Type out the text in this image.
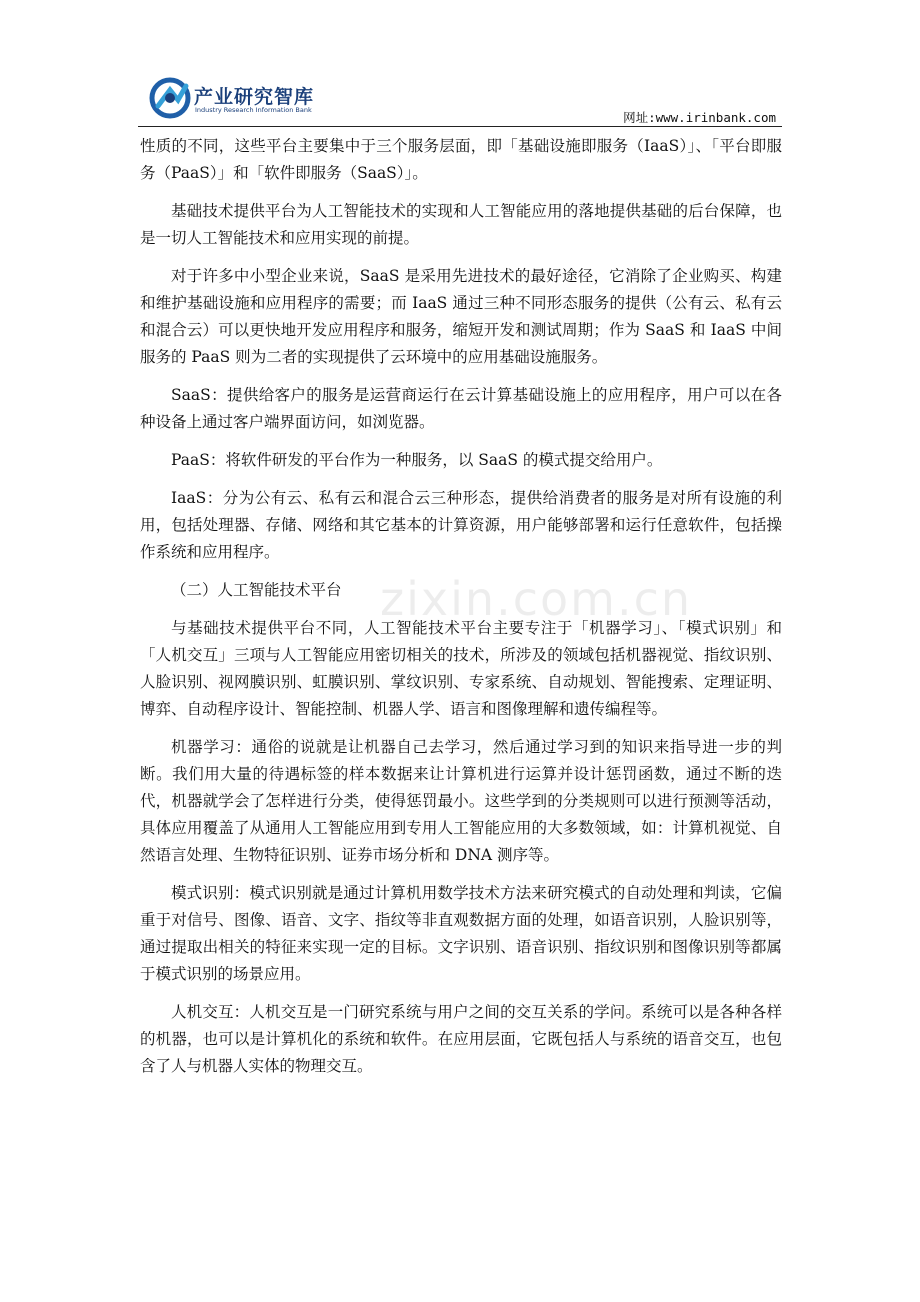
产业研究智库
Industry Research Information Bank	网址:www.irinbank.com
zixin.com.cn

性质的不同，这些平台主要集中于三个服务层面，即「基础设施即服务（IaaS）」、「平台即服务（PaaS）」和「软件即服务（SaaS）」。

基础技术提供平台为人工智能技术的实现和人工智能应用的落地提供基础的后台保障，也是一切人工智能技术和应用实现的前提。

对于许多中小型企业来说，SaaS 是采用先进技术的最好途径，它消除了企业购买、构建和维护基础设施和应用程序的需要；而 IaaS 通过三种不同形态服务的提供（公有云、私有云和混合云）可以更快地开发应用程序和服务，缩短开发和测试周期；作为 SaaS 和 IaaS 中间服务的 PaaS 则为二者的实现提供了云环境中的应用基础设施服务。

SaaS：提供给客户的服务是运营商运行在云计算基础设施上的应用程序，用户可以在各种设备上通过客户端界面访问，如浏览器。

PaaS：将软件研发的平台作为一种服务，以 SaaS 的模式提交给用户。

IaaS：分为公有云、私有云和混合云三种形态，提供给消费者的服务是对所有设施的利用，包括处理器、存储、网络和其它基本的计算资源，用户能够部署和运行任意软件，包括操作系统和应用程序。

（二）人工智能技术平台

与基础技术提供平台不同，人工智能技术平台主要专注于「机器学习」、「模式识别」和「人机交互」三项与人工智能应用密切相关的技术，所涉及的领域包括机器视觉、指纹识别、人脸识别、视网膜识别、虹膜识别、掌纹识别、专家系统、自动规划、智能搜索、定理证明、博弈、自动程序设计、智能控制、机器人学、语言和图像理解和遗传编程等。

机器学习：通俗的说就是让机器自己去学习，然后通过学习到的知识来指导进一步的判断。我们用大量的待遇标签的样本数据来让计算机进行运算并设计惩罚函数，通过不断的迭代，机器就学会了怎样进行分类，使得惩罚最小。这些学到的分类规则可以进行预测等活动，具体应用覆盖了从通用人工智能应用到专用人工智能应用的大多数领域，如：计算机视觉、自然语言处理、生物特征识别、证券市场分析和 DNA 测序等。

模式识别：模式识别就是通过计算机用数学技术方法来研究模式的自动处理和判读，它偏重于对信号、图像、语音、文字、指纹等非直观数据方面的处理，如语音识别，人脸识别等，通过提取出相关的特征来实现一定的目标。文字识别、语音识别、指纹识别和图像识别等都属于模式识别的场景应用。

人机交互：人机交互是一门研究系统与用户之间的交互关系的学问。系统可以是各种各样的机器，也可以是计算机化的系统和软件。在应用层面，它既包括人与系统的语音交互，也包含了人与机器人实体的物理交互。
